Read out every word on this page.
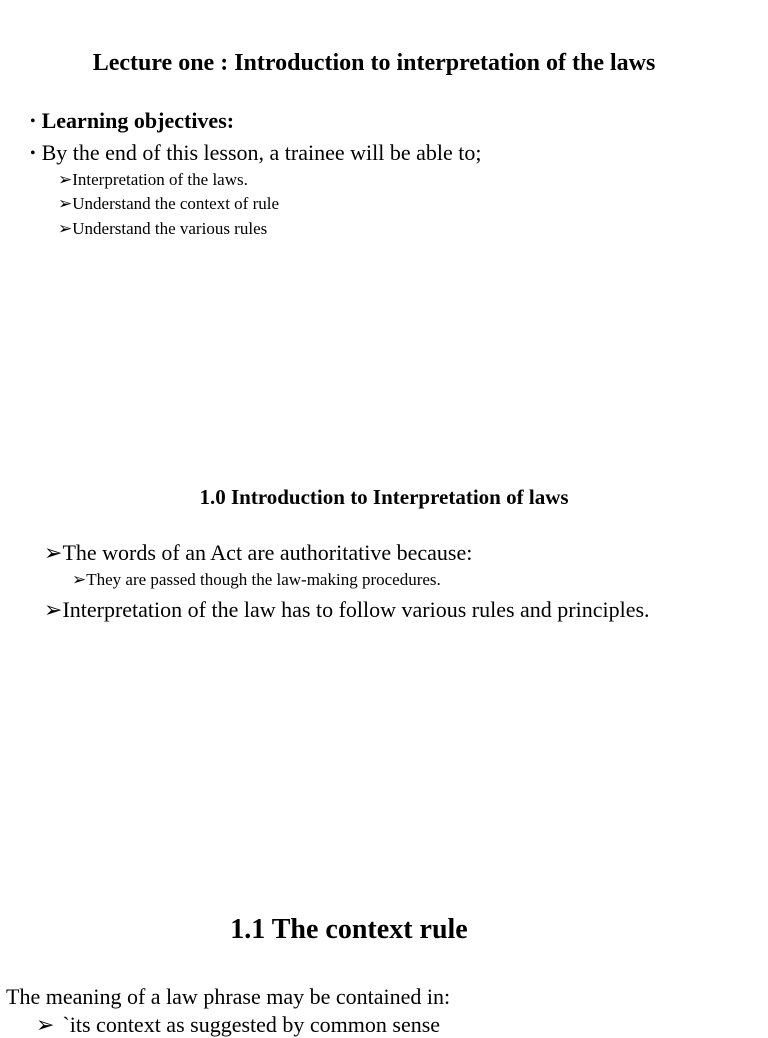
Lecture one : Introduction to interpretation of the laws
• Learning objectives:
• By the end of this lesson, a trainee will be able to;
➢Interpretation of the laws.
➢Understand the context of rule
➢Understand the various rules
1.0 Introduction to Interpretation of laws
➢The words of an Act are authoritative because:
➢They are passed though the law-making procedures.
➢Interpretation of the law has to follow various rules and principles.
1.1 The context rule
The meaning of a law phrase may be contained in:
➢ `its context as suggested by common sense
